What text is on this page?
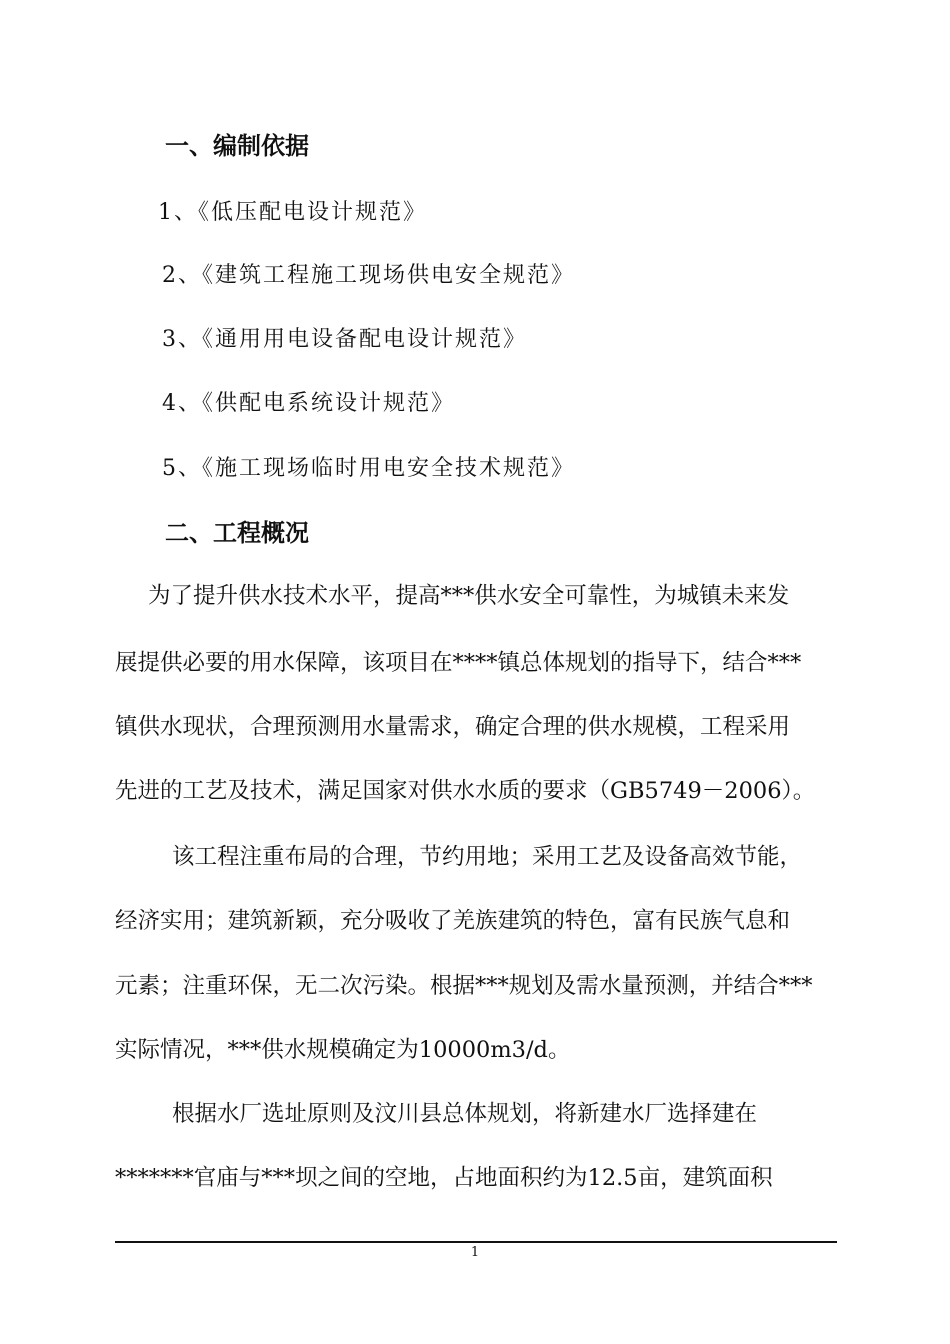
一、编制依据
1、《低压配电设计规范》
2、《建筑工程施工现场供电安全规范》
3、《通用用电设备配电设计规范》
4、《供配电系统设计规范》
5、《施工现场临时用电安全技术规范》
二、工程概况
为了提升供水技术水平，提高***供水安全可靠性，为城镇未来发
展提供必要的用水保障，该项目在****镇总体规划的指导下，结合***
镇供水现状，合理预测用水量需求，确定合理的供水规模，工程采用
先进的工艺及技术，满足国家对供水水质的要求（GB5749－2006）。
该工程注重布局的合理，节约用地；采用工艺及设备高效节能，
经济实用；建筑新颖，充分吸收了羌族建筑的特色，富有民族气息和
元素；注重环保，无二次污染。根据***规划及需水量预测，并结合***
实际情况，***供水规模确定为10000m3/d。
根据水厂选址原则及汶川县总体规划，将新建水厂选择建在
*******官庙与***坝之间的空地，占地面积约为12.5亩，建筑面积
1
